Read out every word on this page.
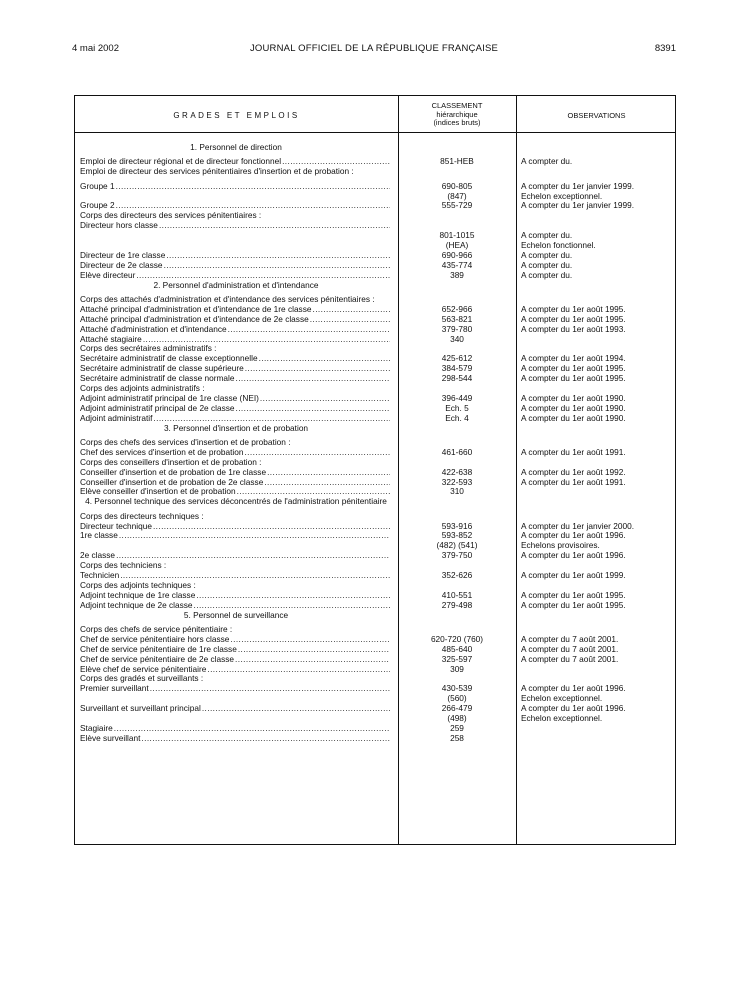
4 mai 2002	JOURNAL OFFICIEL DE LA RÉPUBLIQUE FRANÇAISE	8391
GRADES ET EMPLOIS
CLASSEMENT
hiérarchique
(indices bruts)
OBSERVATIONS
1. Personnel de direction
Emploi de directeur régional et de directeur fonctionnel .....	851-HEB	A compter du.
Emploi de directeur des services pénitentiaires d'insertion et de probation :
Groupe 1 .....	690-805	A compter du 1er janvier 1999.
(847)	Echelon exceptionnel.
Groupe 2 .....	555-729	A compter du 1er janvier 1999.
Corps des directeurs des services pénitentiaires :
Directeur hors classe .....
801-1015	A compter du.
(HEA)	Echelon fonctionnel.
Directeur de 1re classe .....	690-966	A compter du.
Directeur de 2e classe .....	435-774	A compter du.
Elève directeur .....	389	A compter du.
2. Personnel d'administration et d'intendance
Corps des attachés d'administration et d'intendance des services pénitentiaires :
Attaché principal d'administration et d'intendance de 1re classe .....	652-966	A compter du 1er août 1995.
Attaché principal d'administration et d'intendance de 2e classe .....	563-821	A compter du 1er août 1995.
Attaché d'administration et d'intendance .....	379-780	A compter du 1er août 1993.
Attaché stagiaire .....	340
Corps des secrétaires administratifs :
Secrétaire administratif de classe exceptionnelle .....	425-612	A compter du 1er août 1994.
Secrétaire administratif de classe supérieure .....	384-579	A compter du 1er août 1995.
Secrétaire administratif de classe normale .....	298-544	A compter du 1er août 1995.
Corps des adjoints administratifs :
Adjoint administratif principal de 1re classe (NEI) .....	396-449	A compter du 1er août 1990.
Adjoint administratif principal de 2e classe .....	Ech. 5	A compter du 1er août 1990.
Adjoint administratif .....	Ech. 4	A compter du 1er août 1990.
3. Personnel d'insertion et de probation
Corps des chefs des services d'insertion et de probation :
Chef des services d'insertion et de probation .....	461-660	A compter du 1er août 1991.
Corps des conseillers d'insertion et de probation :
Conseiller d'insertion et de probation de 1re classe .....	422-638	A compter du 1er août 1992.
Conseiller d'insertion et de probation de 2e classe .....	322-593	A compter du 1er août 1991.
Elève conseiller d'insertion et de probation .....	310
4. Personnel technique des services déconcentrés de l'administration pénitentiaire
Corps des directeurs techniques :
Directeur technique .....	593-916	A compter du 1er janvier 2000.
1re classe .....	593-852	A compter du 1er août 1996.
(482) (541)	Echelons provisoires.
2e classe .....	379-750	A compter du 1er août 1996.
Corps des techniciens :
Technicien .....	352-626	A compter du 1er août 1999.
Corps des adjoints techniques :
Adjoint technique de 1re classe .....	410-551	A compter du 1er août 1995.
Adjoint technique de 2e classe .....	279-498	A compter du 1er août 1995.
5. Personnel de surveillance
Corps des chefs de service pénitentiaire :
Chef de service pénitentiaire hors classe .....	620-720 (760)	A compter du 7 août 2001.
Chef de service pénitentiaire de 1re classe .....	485-640	A compter du 7 août 2001.
Chef de service pénitentiaire de 2e classe .....	325-597	A compter du 7 août 2001.
Elève chef de service pénitentiaire .....	309
Corps des gradés et surveillants :
Premier surveillant .....	430-539	A compter du 1er août 1996.
(560)	Echelon exceptionnel.
Surveillant et surveillant principal .....	266-479	A compter du 1er août 1996.
(498)	Echelon exceptionnel.
Stagiaire .....	259
Elève surveillant .....	258
